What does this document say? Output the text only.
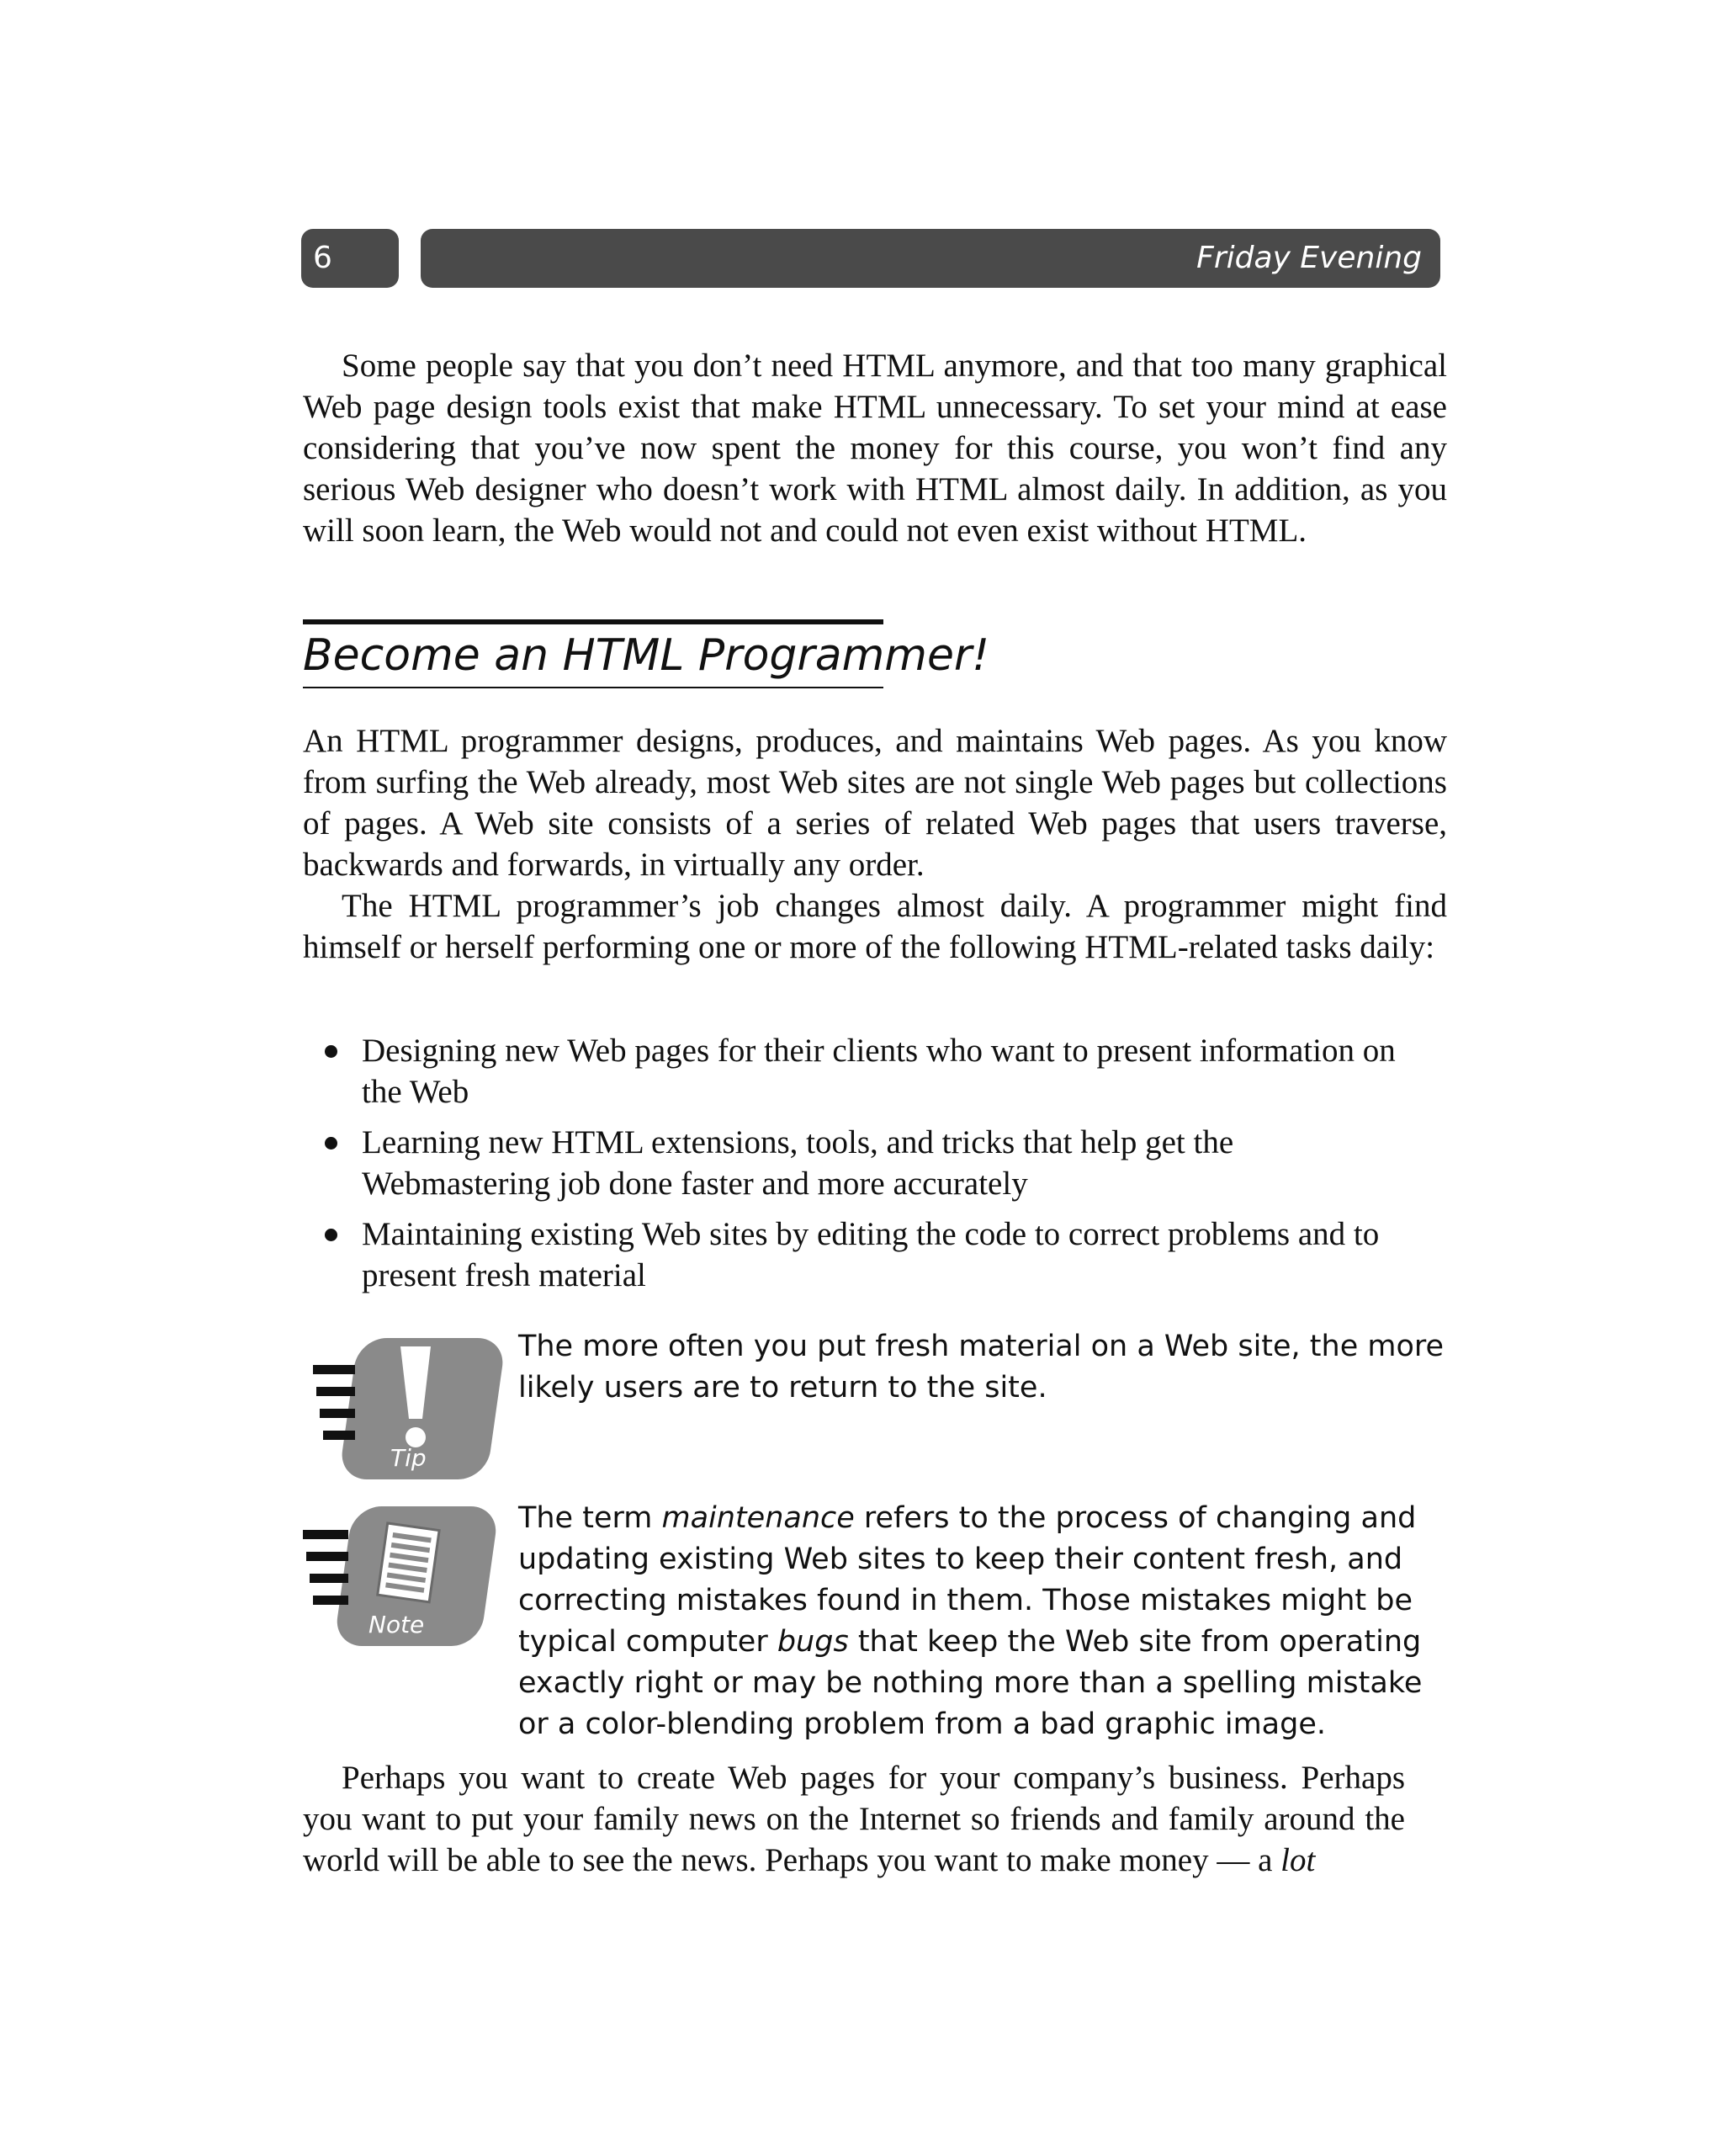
6	Friday Evening

Some people say that you don’t need HTML anymore, and that too many graphical Web page design tools exist that make HTML unnecessary. To set your mind at ease considering that you’ve now spent the money for this course, you won’t find any serious Web designer who doesn’t work with HTML almost daily. In addition, as you will soon learn, the Web would not and could not even exist without HTML.

Become an HTML Programmer!

An HTML programmer designs, produces, and maintains Web pages. As you know from surfing the Web already, most Web sites are not single Web pages but collections of pages. A Web site consists of a series of related Web pages that users traverse, backwards and forwards, in virtually any order.

The HTML programmer’s job changes almost daily. A programmer might find himself or herself performing one or more of the following HTML-related tasks daily:

Designing new Web pages for their clients who want to present information on the Web
Learning new HTML extensions, tools, and tricks that help get the Webmastering job done faster and more accurately
Maintaining existing Web sites by editing the code to correct problems and to present fresh material
Tip

The more often you put fresh material on a Web site, the more likely users are to return to the site.

Note

The term maintenance refers to the process of changing and updating existing Web sites to keep their content fresh, and correcting mistakes found in them. Those mistakes might be typical computer bugs that keep the Web site from operating exactly right or may be nothing more than a spelling mistake or a color-blending problem from a bad graphic image.

Perhaps you want to create Web pages for your company’s business. Perhaps you want to put your family news on the Internet so friends and family around the world will be able to see the news. Perhaps you want to make money — a lot
